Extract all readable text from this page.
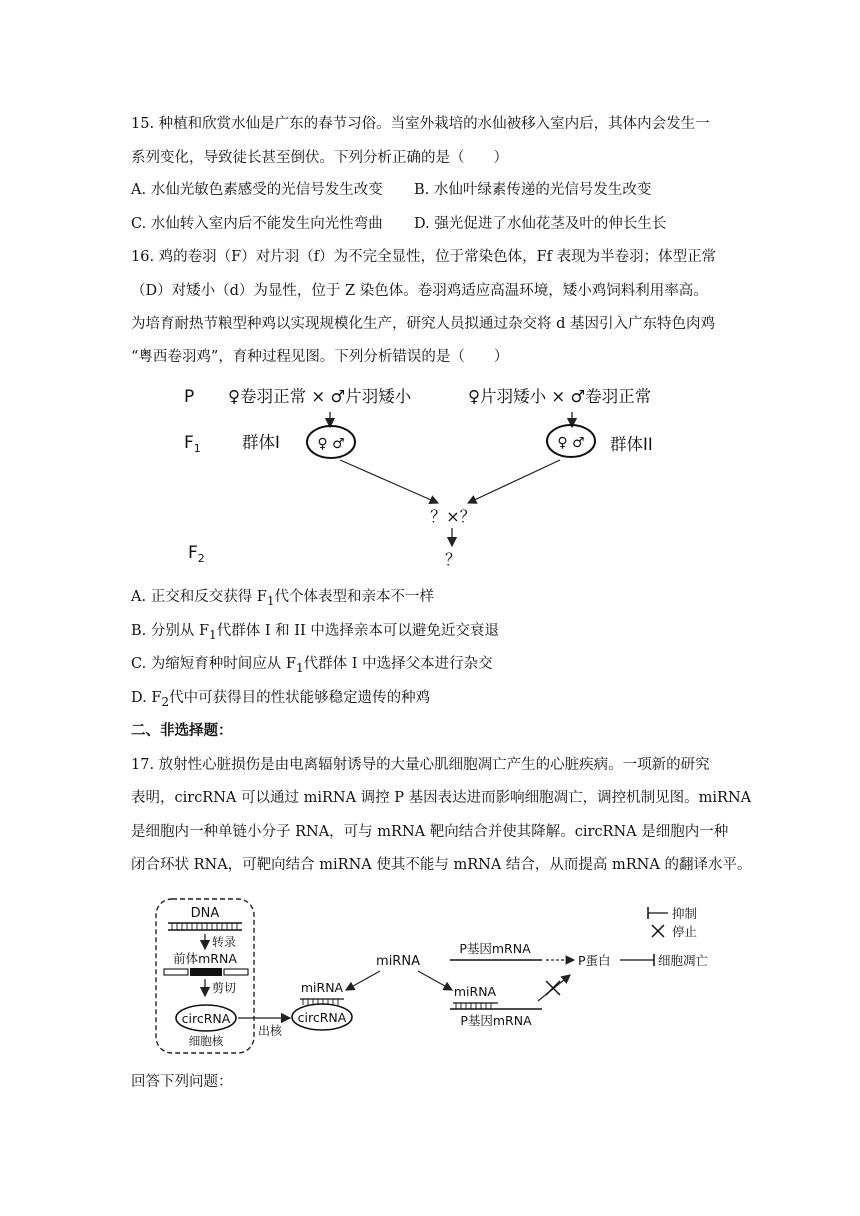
15. 种植和欣赏水仙是广东的春节习俗。当室外栽培的水仙被移入室内后，其体内会发生一
系列变化，导致徒长甚至倒伏。下列分析正确的是（　　）
A. 水仙光敏色素感受的光信号发生改变	B. 水仙叶绿素传递的光信号发生改变
C. 水仙转入室内后不能发生向光性弯曲	D. 强光促进了水仙花茎及叶的伸长生长
16. 鸡的卷羽（F）对片羽（f）为不完全显性，位于常染色体，Ff 表现为半卷羽；体型正常
（D）对矮小（d）为显性，位于 Z 染色体。卷羽鸡适应高温环境，矮小鸡饲料利用率高。
为培育耐热节粮型种鸡以实现规模化生产，研究人员拟通过杂交将 d 基因引入广东特色肉鸡
“粤西卷羽鸡”，育种过程见图。下列分析错误的是（　　）
P
$F_1$
$F_2$
♀卷羽正常 × ♂片羽矮小	♀片羽矮小 × ♂卷羽正常
♀ ♂	♀ ♂
群体I	群体II
？×？
？
A. 正交和反交获得 $F_1$代个体表型和亲本不一样
B. 分别从 $F_1$代群体 I 和 II 中选择亲本可以避免近交衰退
C. 为缩短育种时间应从 $F_1$代群体 I 中选择父本进行杂交
D. $F_2$代中可获得目的性状能够稳定遗传的种鸡
二、非选择题：
17. 放射性心脏损伤是由电离辐射诱导的大量心肌细胞凋亡产生的心脏疾病。一项新的研究
表明，circRNA 可以通过 miRNA 调控 P 基因表达进而影响细胞凋亡，调控机制见图。miRNA
是细胞内一种单链小分子 RNA，可与 mRNA 靶向结合并使其降解。circRNA 是细胞内一种
闭合环状 RNA，可靶向结合 miRNA 使其不能与 mRNA 结合，从而提高 mRNA 的翻译水平。
DNA
转录
前体mRNA
剪切
circRNA
细胞核
出核
miRNA
circRNA
miRNA
P基因mRNA
P蛋白	细胞凋亡
miRNA
P基因mRNA
抑制
停止
回答下列问题：
